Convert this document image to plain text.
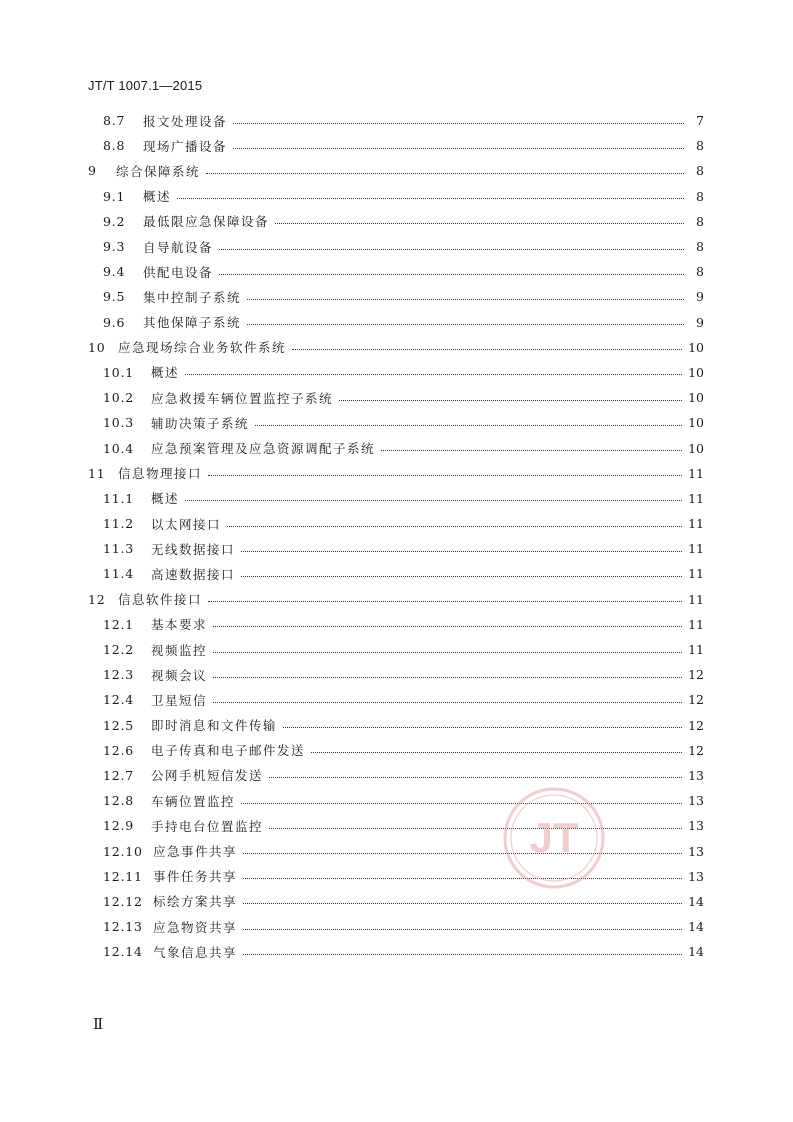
JT/T 1007.1—2015
8.7	报文处理设备	7
8.8	现场广播设备	8
9	综合保障系统	8
9.1	概述	8
9.2	最低限应急保障设备	8
9.3	自导航设备	8
9.4	供配电设备	8
9.5	集中控制子系统	9
9.6	其他保障子系统	9
10 应急现场综合业务软件系统	10
10.1	概述	10
10.2	应急救援车辆位置监控子系统	10
10.3	辅助决策子系统	10
10.4	应急预案管理及应急资源调配子系统	10
11 信息物理接口	11
11.1	概述	11
11.2	以太网接口	11
11.3	无线数据接口	11
11.4	高速数据接口	11
12 信息软件接口	11
12.1	基本要求	11
12.2	视频监控	11
12.3	视频会议	12
12.4	卫星短信	12
12.5	即时消息和文件传输	12
12.6	电子传真和电子邮件发送	12
12.7	公网手机短信发送	13
12.8	车辆位置监控	13
12.9	手持电台位置监控	13
12.10 应急事件共享	13
12.11 事件任务共享	13
12.12 标绘方案共享	14
12.13 应急物资共享	14
12.14 气象信息共享	14
JT
Ⅱ
